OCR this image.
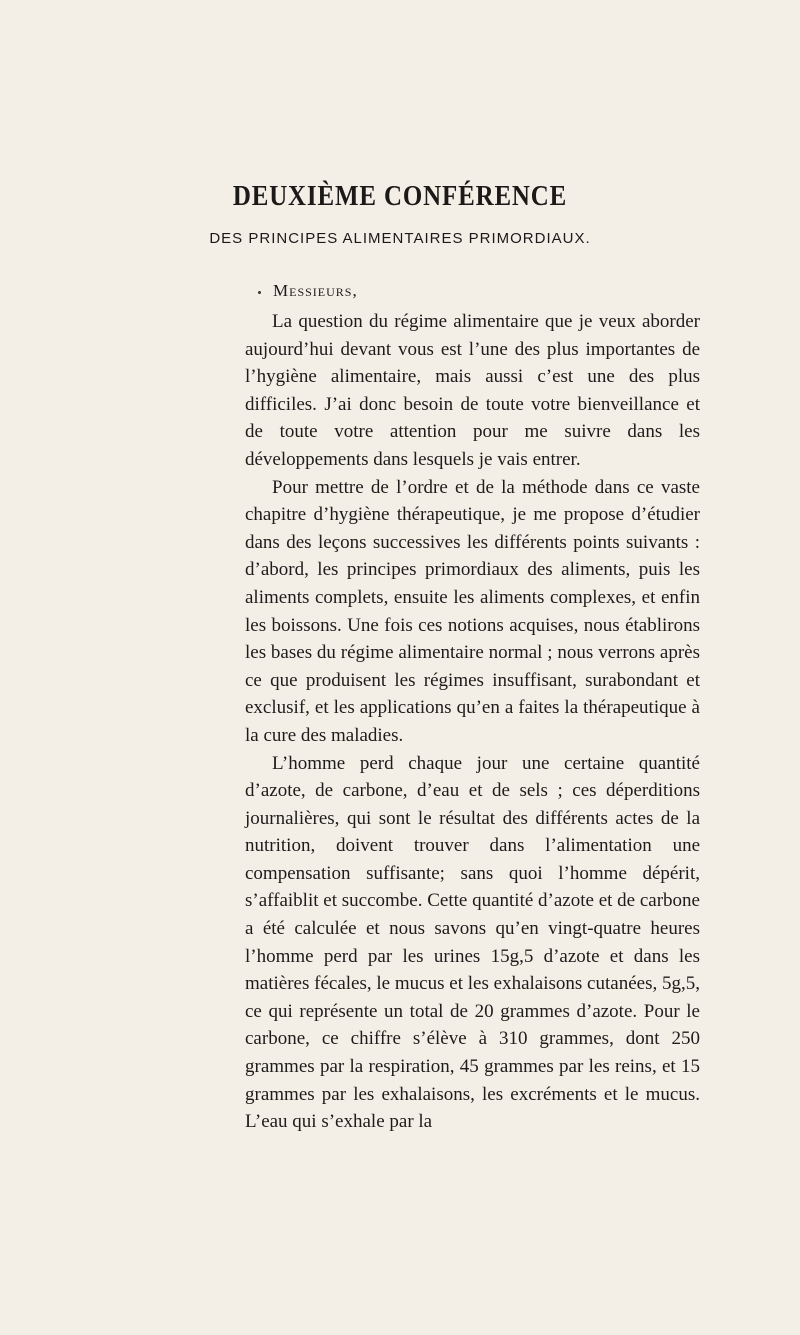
DEUXIÈME CONFÉRENCE
DES PRINCIPES ALIMENTAIRES PRIMORDIAUX.
Messieurs,

La question du régime alimentaire que je veux aborder aujourd’hui devant vous est l’une des plus importantes de l’hygiène alimentaire, mais aussi c’est une des plus difficiles. J’ai donc besoin de toute votre bienveillance et de toute votre attention pour me suivre dans les développements dans lesquels je vais entrer.

Pour mettre de l’ordre et de la méthode dans ce vaste chapitre d’hygiène thérapeutique, je me propose d’étudier dans des leçons successives les différents points suivants : d’abord, les principes primordiaux des aliments, puis les aliments complets, ensuite les aliments complexes, et enfin les boissons. Une fois ces notions acquises, nous établirons les bases du régime alimentaire normal ; nous verrons après ce que produisent les régimes insuffisant, surabondant et exclusif, et les applications qu’en a faites la thérapeutique à la cure des maladies.

L’homme perd chaque jour une certaine quantité d’azote, de carbone, d’eau et de sels ; ces déperditions journalières, qui sont le résultat des différents actes de la nutrition, doivent trouver dans l’alimentation une compensation suffisante; sans quoi l’homme dépérit, s’affaiblit et succombe. Cette quantité d’azote et de carbone a été calculée et nous savons qu’en vingt-quatre heures l’homme perd par les urines 15g,5 d’azote et dans les matières fécales, le mucus et les exhalaisons cutanées, 5g,5, ce qui représente un total de 20 grammes d’azote. Pour le carbone, ce chiffre s’élève à 310 grammes, dont 250 grammes par la respiration, 45 grammes par les reins, et 15 grammes par les exhalaisons, les excréments et le mucus. L’eau qui s’exhale par la
